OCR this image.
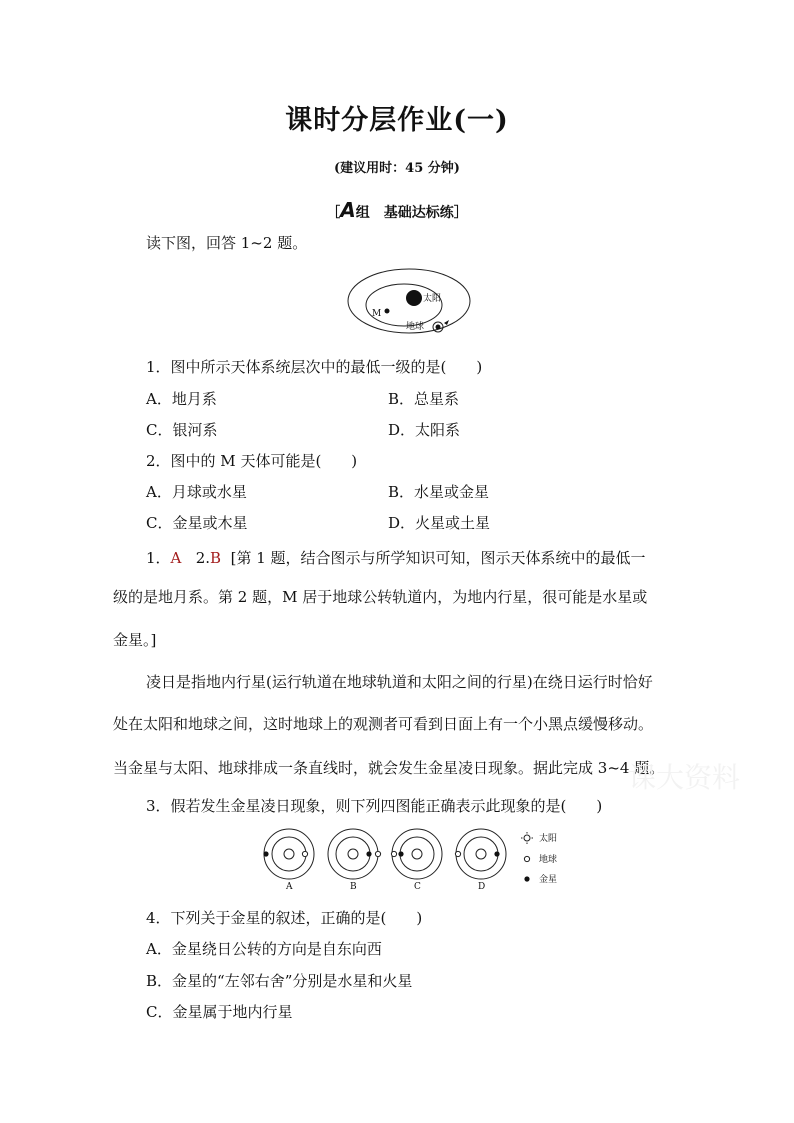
课时分层作业(一)
(建议用时：45 分钟)
［A组　基础达标练］
读下图，回答 1~2 题。
太阳
M
地球
1．图中所示天体系统层次中的最低一级的是(　　)
A．地月系	B．总星系
C．银河系	D．太阳系
2．图中的 M 天体可能是(　　)
A．月球或水星	B．水星或金星
C．金星或木星	D．火星或土星
1．A 2.B [第 1 题，结合图示与所学知识可知，图示天体系统中的最低一
级的是地月系。第 2 题，M 居于地球公转轨道内，为地内行星，很可能是水星或
金星。]
凌日是指地内行星(运行轨道在地球轨道和太阳之间的行星)在绕日运行时恰好
处在太阳和地球之间，这时地球上的观测者可看到日面上有一个小黑点缓慢移动。
当金星与太阳、地球排成一条直线时，就会发生金星凌日现象。据此完成 3~4 题。
课大资料
3．假若发生金星凌日现象，则下列四图能正确表示此现象的是(　　)
A	B	C	D
太阳
地球
金星
4．下列关于金星的叙述，正确的是(　　)
A．金星绕日公转的方向是自东向西
B．金星的“左邻右舍”分别是水星和火星
C．金星属于地内行星
